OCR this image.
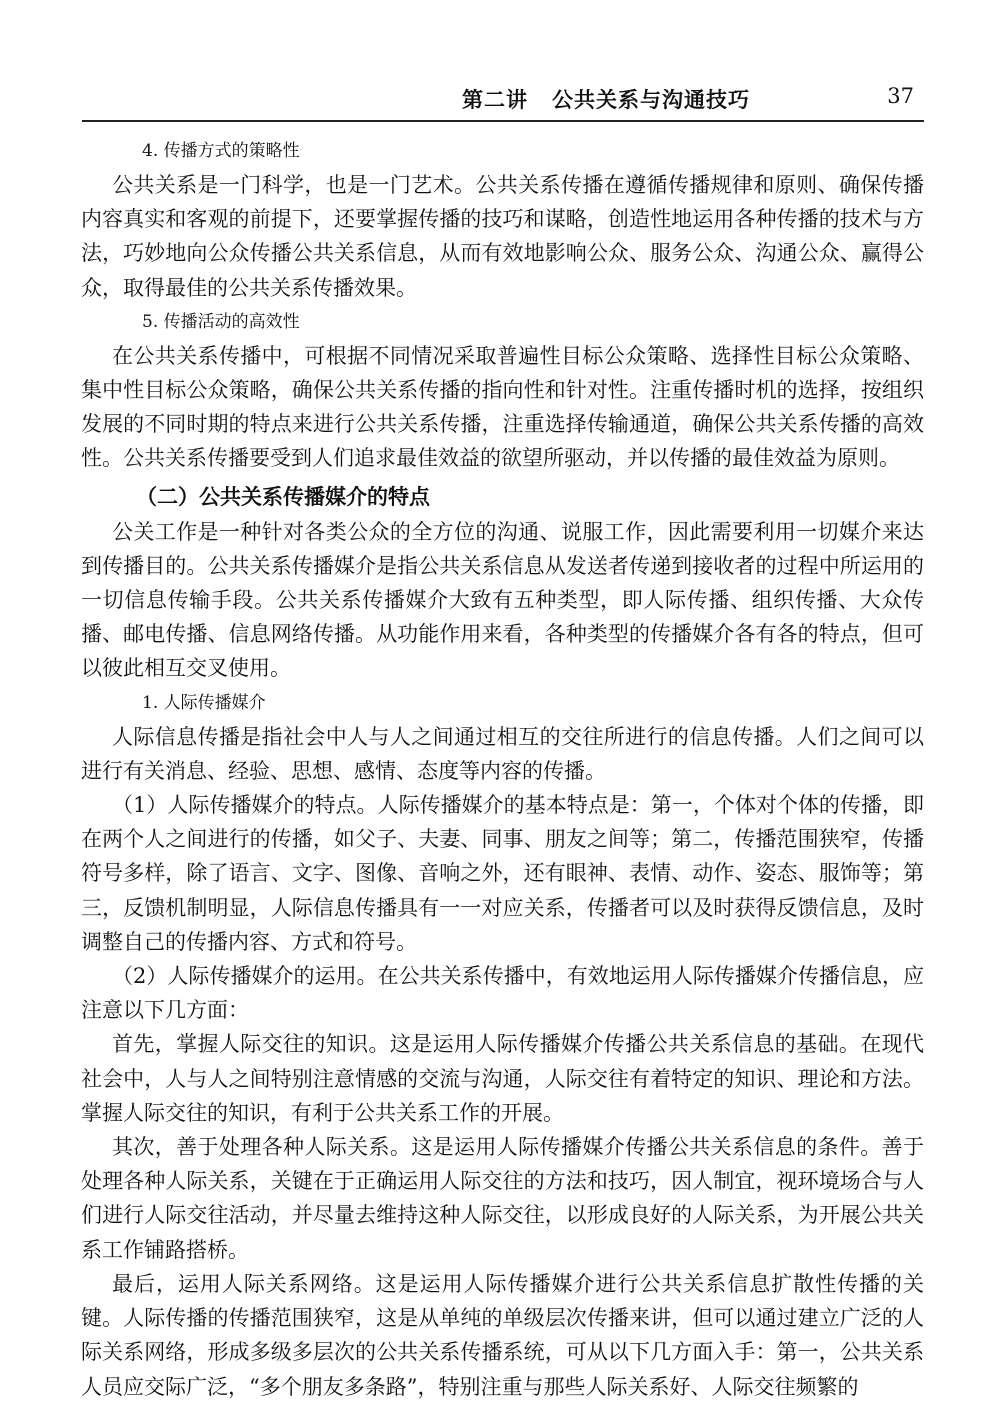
第二讲 公共关系与沟通技巧	37

4. 传播方式的策略性

公共关系是一门科学，也是一门艺术。公共关系传播在遵循传播规律和原则、确保传播内容真实和客观的前提下，还要掌握传播的技巧和谋略，创造性地运用各种传播的技术与方法，巧妙地向公众传播公共关系信息，从而有效地影响公众、服务公众、沟通公众、赢得公众，取得最佳的公共关系传播效果。

5. 传播活动的高效性

在公共关系传播中，可根据不同情况采取普遍性目标公众策略、选择性目标公众策略、集中性目标公众策略，确保公共关系传播的指向性和针对性。注重传播时机的选择，按组织发展的不同时期的特点来进行公共关系传播，注重选择传输通道，确保公共关系传播的高效性。公共关系传播要受到人们追求最佳效益的欲望所驱动，并以传播的最佳效益为原则。

（二）公共关系传播媒介的特点

公关工作是一种针对各类公众的全方位的沟通、说服工作，因此需要利用一切媒介来达到传播目的。公共关系传播媒介是指公共关系信息从发送者传递到接收者的过程中所运用的一切信息传输手段。公共关系传播媒介大致有五种类型，即人际传播、组织传播、大众传播、邮电传播、信息网络传播。从功能作用来看，各种类型的传播媒介各有各的特点，但可以彼此相互交叉使用。

1. 人际传播媒介

人际信息传播是指社会中人与人之间通过相互的交往所进行的信息传播。人们之间可以进行有关消息、经验、思想、感情、态度等内容的传播。

（1）人际传播媒介的特点。人际传播媒介的基本特点是：第一，个体对个体的传播，即在两个人之间进行的传播，如父子、夫妻、同事、朋友之间等；第二，传播范围狭窄，传播符号多样，除了语言、文字、图像、音响之外，还有眼神、表情、动作、姿态、服饰等；第三，反馈机制明显，人际信息传播具有一一对应关系，传播者可以及时获得反馈信息，及时调整自己的传播内容、方式和符号。

（2）人际传播媒介的运用。在公共关系传播中，有效地运用人际传播媒介传播信息，应注意以下几方面：

首先，掌握人际交往的知识。这是运用人际传播媒介传播公共关系信息的基础。在现代社会中，人与人之间特别注意情感的交流与沟通，人际交往有着特定的知识、理论和方法。掌握人际交往的知识，有利于公共关系工作的开展。

其次，善于处理各种人际关系。这是运用人际传播媒介传播公共关系信息的条件。善于处理各种人际关系，关键在于正确运用人际交往的方法和技巧，因人制宜，视环境场合与人们进行人际交往活动，并尽量去维持这种人际交往，以形成良好的人际关系，为开展公共关系工作铺路搭桥。

最后，运用人际关系网络。这是运用人际传播媒介进行公共关系信息扩散性传播的关键。人际传播的传播范围狭窄，这是从单纯的单级层次传播来讲，但可以通过建立广泛的人际关系网络，形成多级多层次的公共关系传播系统，可从以下几方面入手：第一，公共关系人员应交际广泛，“多个朋友多条路”，特别注重与那些人际关系好、人际交往频繁的
